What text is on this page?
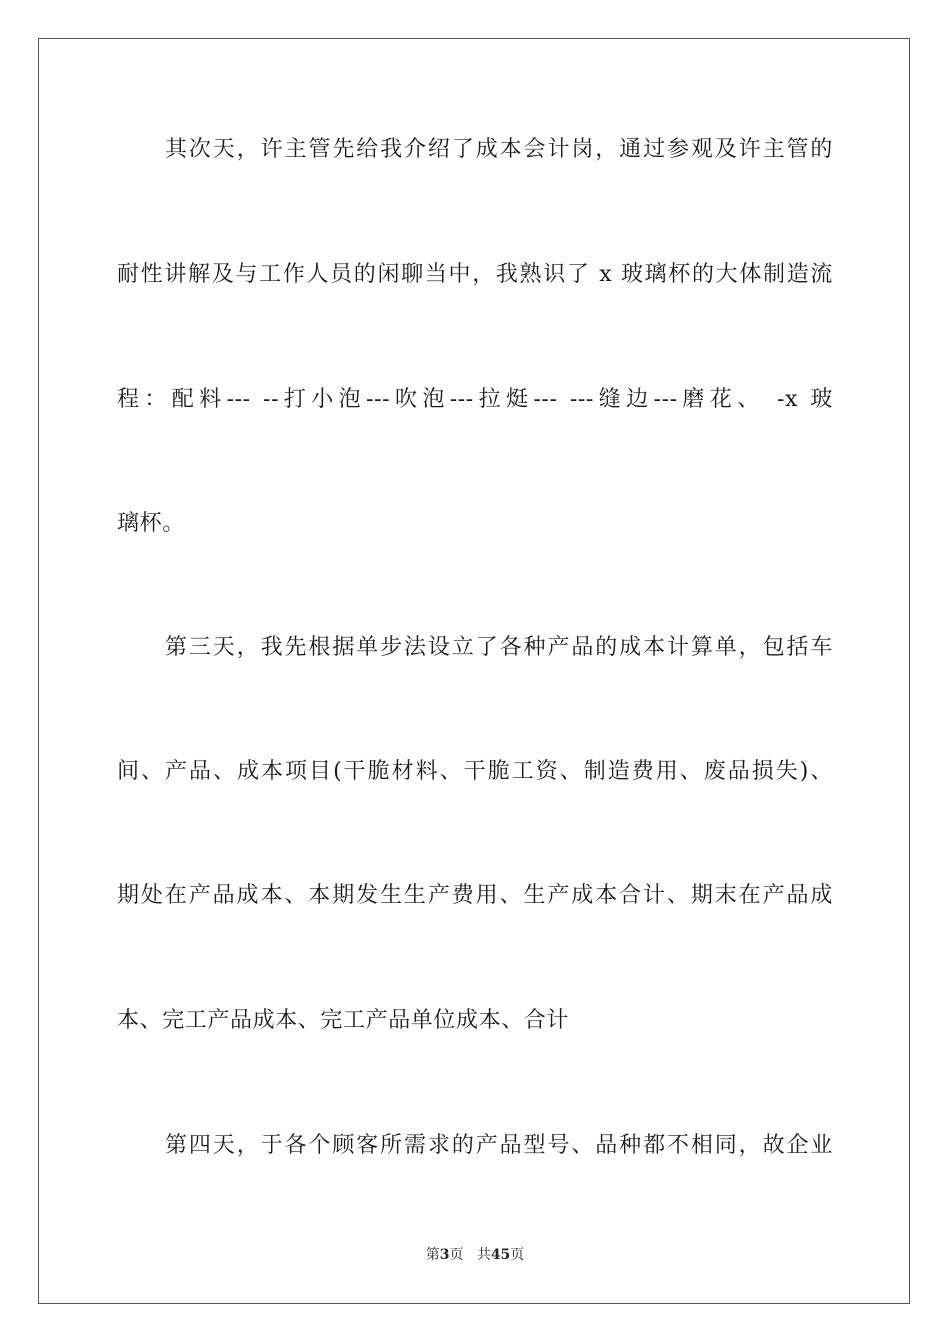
其次天，许主管先给我介绍了成本会计岗，通过参观及许主管的
耐性讲解及与工作人员的闲聊当中，我熟识了 x 玻璃杯的大体制造流
程：配料--- --打小泡---吹泡---拉烶--- ---缝边---磨花、 -x 玻
璃杯。
第三天，我先根据单步法设立了各种产品的成本计算单，包括车
间、产品、成本项目(干脆材料、干脆工资、制造费用、废品损失)、
期处在产品成本、本期发生生产费用、生产成本合计、期末在产品成
本、完工产品成本、完工产品单位成本、合计
第四天，于各个顾客所需求的产品型号、品种都不相同，故企业
第3页 共45页
